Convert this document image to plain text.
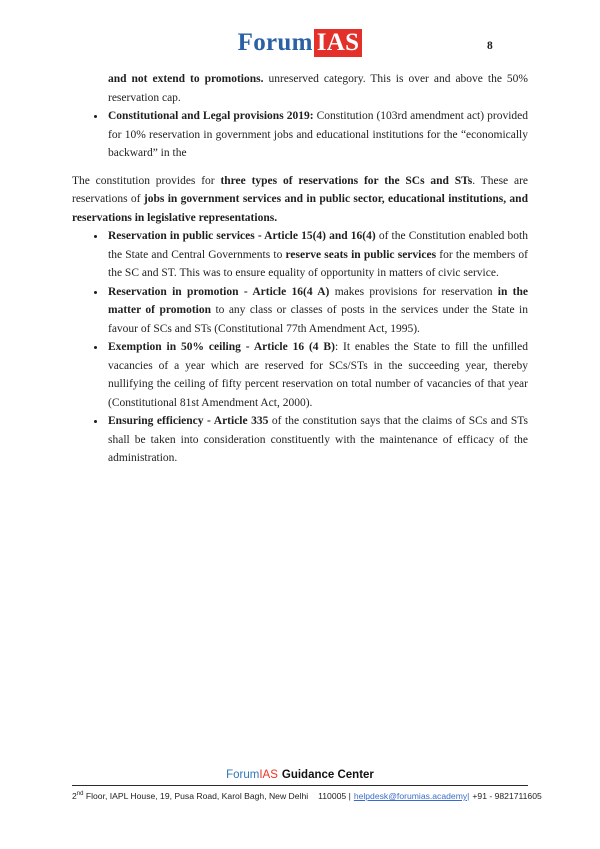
Forum IAS	8

and not extend to promotions. unreserved category. This is over and above the 50% reservation cap.

Constitutional and Legal provisions 2019: Constitution (103rd amendment act) provided for 10% reservation in government jobs and educational institutions for the “economically backward” in the

The constitution provides for three types of reservations for the SCs and STs. These are reservations of jobs in government services and in public sector, educational institutions, and reservations in legislative representations.

Reservation in public services - Article 15(4) and 16(4) of the Constitution enabled both the State and Central Governments to reserve seats in public services for the members of the SC and ST. This was to ensure equality of opportunity in matters of civic service.
Reservation in promotion - Article 16(4 A) makes provisions for reservation in the matter of promotion to any class or classes of posts in the services under the State in favour of SCs and STs (Constitutional 77th Amendment Act, 1995).
Exemption in 50% ceiling - Article 16 (4 B): It enables the State to fill the unfilled vacancies of a year which are reserved for SCs/STs in the succeeding year, thereby nullifying the ceiling of fifty percent reservation on total number of vacancies of that year (Constitutional 81st Amendment Act, 2000).
Ensuring efficiency - Article 335 of the constitution says that the claims of SCs and STs shall be taken into consideration constituently with the maintenance of efficacy of the administration.
ForumIAS Guidance Center
2nd Floor, IAPL House, 19, Pusa Road, Karol Bagh, New Delhi 110005 | helpdesk@forumias.academy| +91 - 9821711605
